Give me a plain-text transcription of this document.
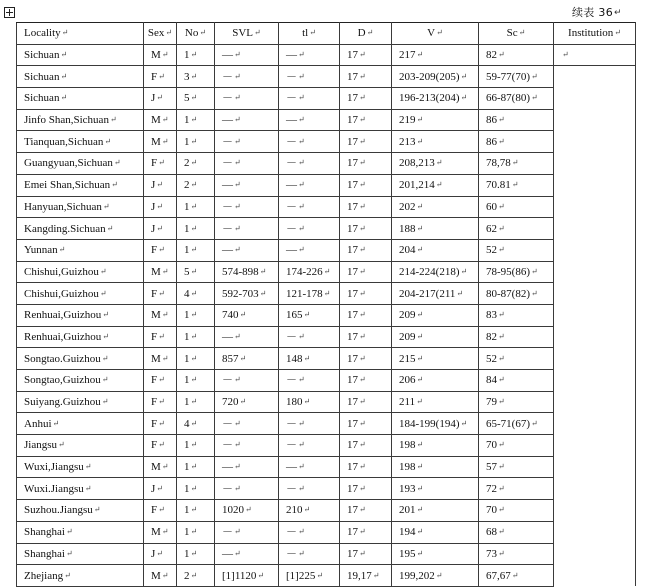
续表 36↵
Locality↵	Sex↵	No↵	SVL↵	tl↵	D↵	V↵	Sc↵	Institution↵
Sichuan↵	M↵	1↵	—↵	—↵	17↵	217↵	82↵	↵
Sichuan↵	F↵	3↵	－↵	－↵	17↵	203-209(205)↵	59-77(70)↵	
Sichuan↵	J↵	5↵	－↵	－↵	17↵	196-213(204)↵	66-87(80)↵	
Jinfo Shan,Sichuan↵	M↵	1↵	—↵	—↵	17↵	219↵	86↵	
Tianquan,Sichuan↵	M↵	1↵	－↵	－↵	17↵	213↵	86↵	
Guangyuan,Sichuan↵	F↵	2↵	－↵	－↵	17↵	208,213↵	78,78↵	
Emei Shan,Sichuan↵	J↵	2↵	—↵	—↵	17↵	201,214↵	70.81↵	
Hanyuan,Sichuan↵	J↵	1↵	－↵	－↵	17↵	202↵	60↵	
Kangding.Sichuan↵	J↵	1↵	－↵	－↵	17↵	188↵	62↵	
Yunnan↵	F↵	1↵	—↵	—↵	17↵	204↵	52↵	
Chishui,Guizhou↵	M↵	5↵	574-898↵	174-226↵	17↵	214-224(218)↵	78-95(86)↵	
Chishui,Guizhou↵	F↵	4↵	592-703↵	121-178↵	17↵	204-217(211↵	80-87(82)↵	
Renhuai,Guizhou↵	M↵	1↵	740↵	165↵	17↵	209↵	83↵	
Renhuai,Guizhou↵	F↵	1↵	—↵	－↵	17↵	209↵	82↵	
Songtao.Guizhou↵	M↵	1↵	857↵	148↵	17↵	215↵	52↵	
Songtao,Guizhou↵	F↵	1↵	－↵	－↵	17↵	206↵	84↵	
Suiyang.Guizhou↵	F↵	1↵	720↵	180↵	17↵	211↵	79↵	
Anhui↵	F↵	4↵	－↵	－↵	17↵	184-199(194)↵	65-71(67)↵	
Jiangsu↵	F↵	1↵	－↵	－↵	17↵	198↵	70↵	
Wuxi,Jiangsu↵	M↵	1↵	—↵	—↵	17↵	198↵	57↵	
Wuxi.Jiangsu↵	J↵	1↵	－↵	－↵	17↵	193↵	72↵	
Suzhou.Jiangsu↵	F↵	1↵	1020↵	210↵	17↵	201↵	70↵	
Shanghai↵	M↵	1↵	－↵	－↵	17↵	194↵	68↵	
Shanghai↵	J↵	1↵	—↵	－↵	17↵	195↵	73↵	
Zhejiang↵	M↵	2↵	[1]1120↵	[1]225↵	19,17↵	199,202↵	67,67↵	
